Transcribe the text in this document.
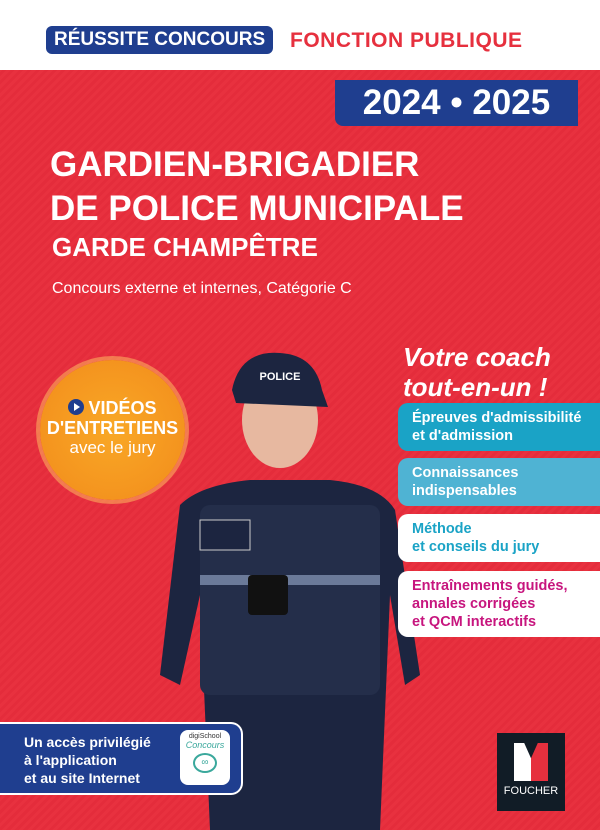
RÉUSSITE CONCOURS	FONCTION PUBLIQUE
2024 • 2025
GARDIEN-BRIGADIER
DE POLICE MUNICIPALE
GARDE CHAMPÊTRE
Concours externe et internes, Catégorie C
POLICE
VIDÉOS
D'ENTRETIENS
avec le jury
Votre coach
tout-en-un !
Épreuves d'admissibilité
et d'admission
Connaissances
indispensables
Méthode
et conseils du jury
Entraînements guidés,
annales corrigées
et QCM interactifs
Un accès privilégié
à l'application
et au site Internet
digiSchool
Concours
∞
FOUCHER
